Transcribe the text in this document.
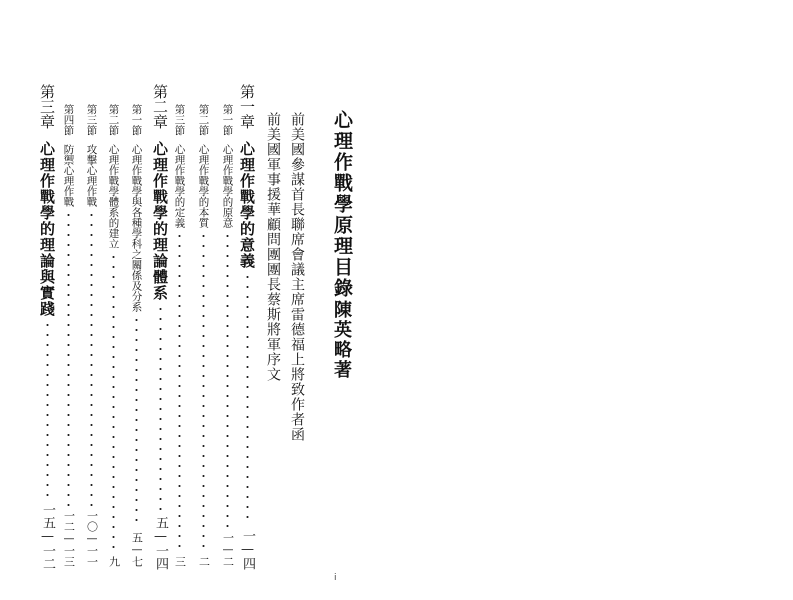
心理作戰學原理目錄
陳英略著
前美國參謀首長聯席會議主席雷德福上將致作者函
前美國軍事援華顧問團團長蔡斯將軍序文
第一章心理作戰學的意義一—四
第一節心理作戰學的原意一—二
第二節心理作戰學的本質二
第三節心理作戰學的定義三
第二章心理作戰學的理論體系五—一四
第一節心理作戰學與各種學科之關係及分系五—七
第二節心理作戰學體系的建立九
第三節攻擊心理作戰一〇—一一
第四節防禦心理作戰一二—一三
第三章心理作戰學的理論與實踐一五—一二
i
